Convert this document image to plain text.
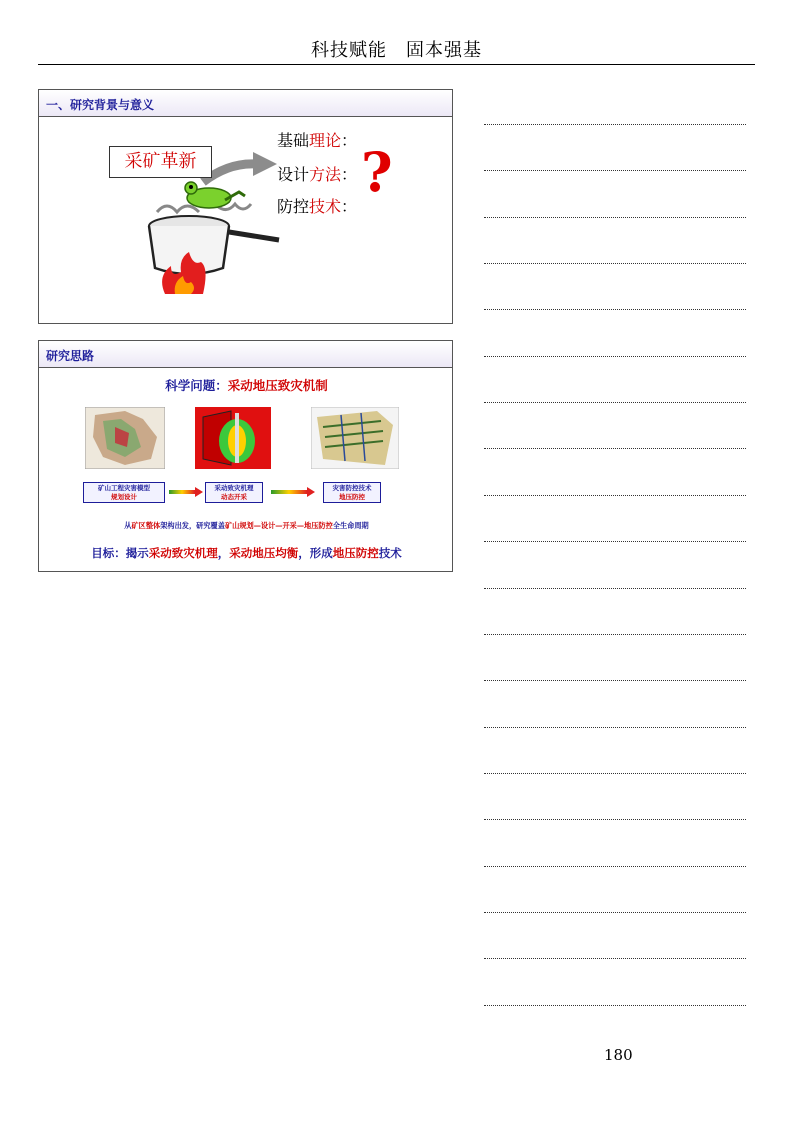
科技赋能　固本强基
一、研究背景与意义
采矿革新
基础理论：
设计方法：
防控技术：
?
研究思路
科学问题：采动地压致灾机制
矿山工程灾害模型
规划设计
采动致灾机理
动态开采
灾害防控技术
地压防控
从矿区整体架构出发，研究覆盖矿山规划—设计—开采—地压防控全生命周期
目标：揭示采动致灾机理，采动地压均衡，形成地压防控技术
180
